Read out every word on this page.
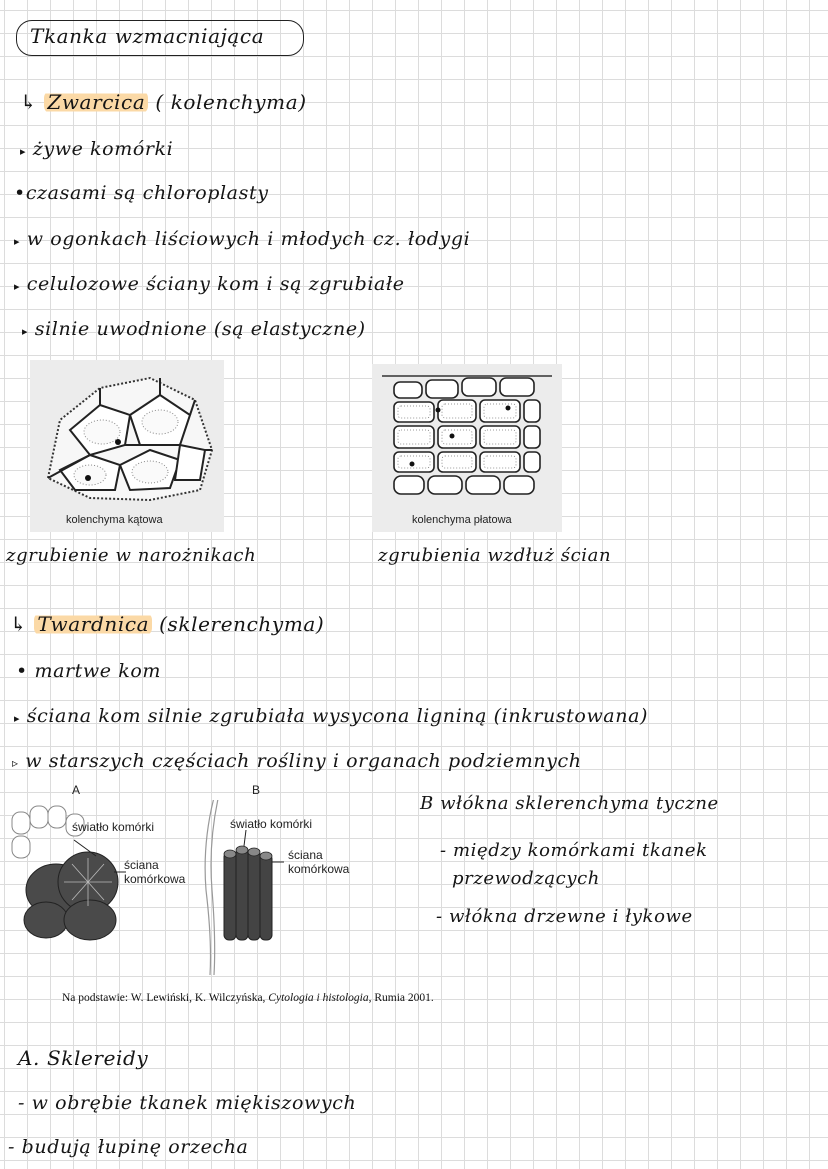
Tkanka wzmacniająca
↳ Zwarcica ( kolenchyma)
▸ żywe komórki
•czasami są chloroplasty
▸ w ogonkach liściowych i młodych cz. łodygi
▸ celulozowe ściany kom i są zgrubiałe
▸ silnie uwodnione (są elastyczne)
kolenchyma kątowa	kolenchyma płatowa
zgrubienie w narożnikach	zgrubienia wzdłuż ścian
↳ Twardnica (sklerenchyma)
• martwe kom
▸ ściana kom silnie zgrubiała wysycona ligniną (inkrustowana)
▹ w starszych częściach rośliny i organach podziemnych
A	B
światło komórki
ściana
komórkowa
światło komórki
ściana
komórkowa
Na podstawie: W. Lewiński, K. Wilczyńska, Cytologia i histologia, Rumia 2001.
B włókna sklerenchyma tyczne
- między komórkami tkanek
przewodzących
- włókna drzewne i łykowe
A. Sklereidy
- w obrębie tkanek miękiszowych
- budują łupinę orzecha
